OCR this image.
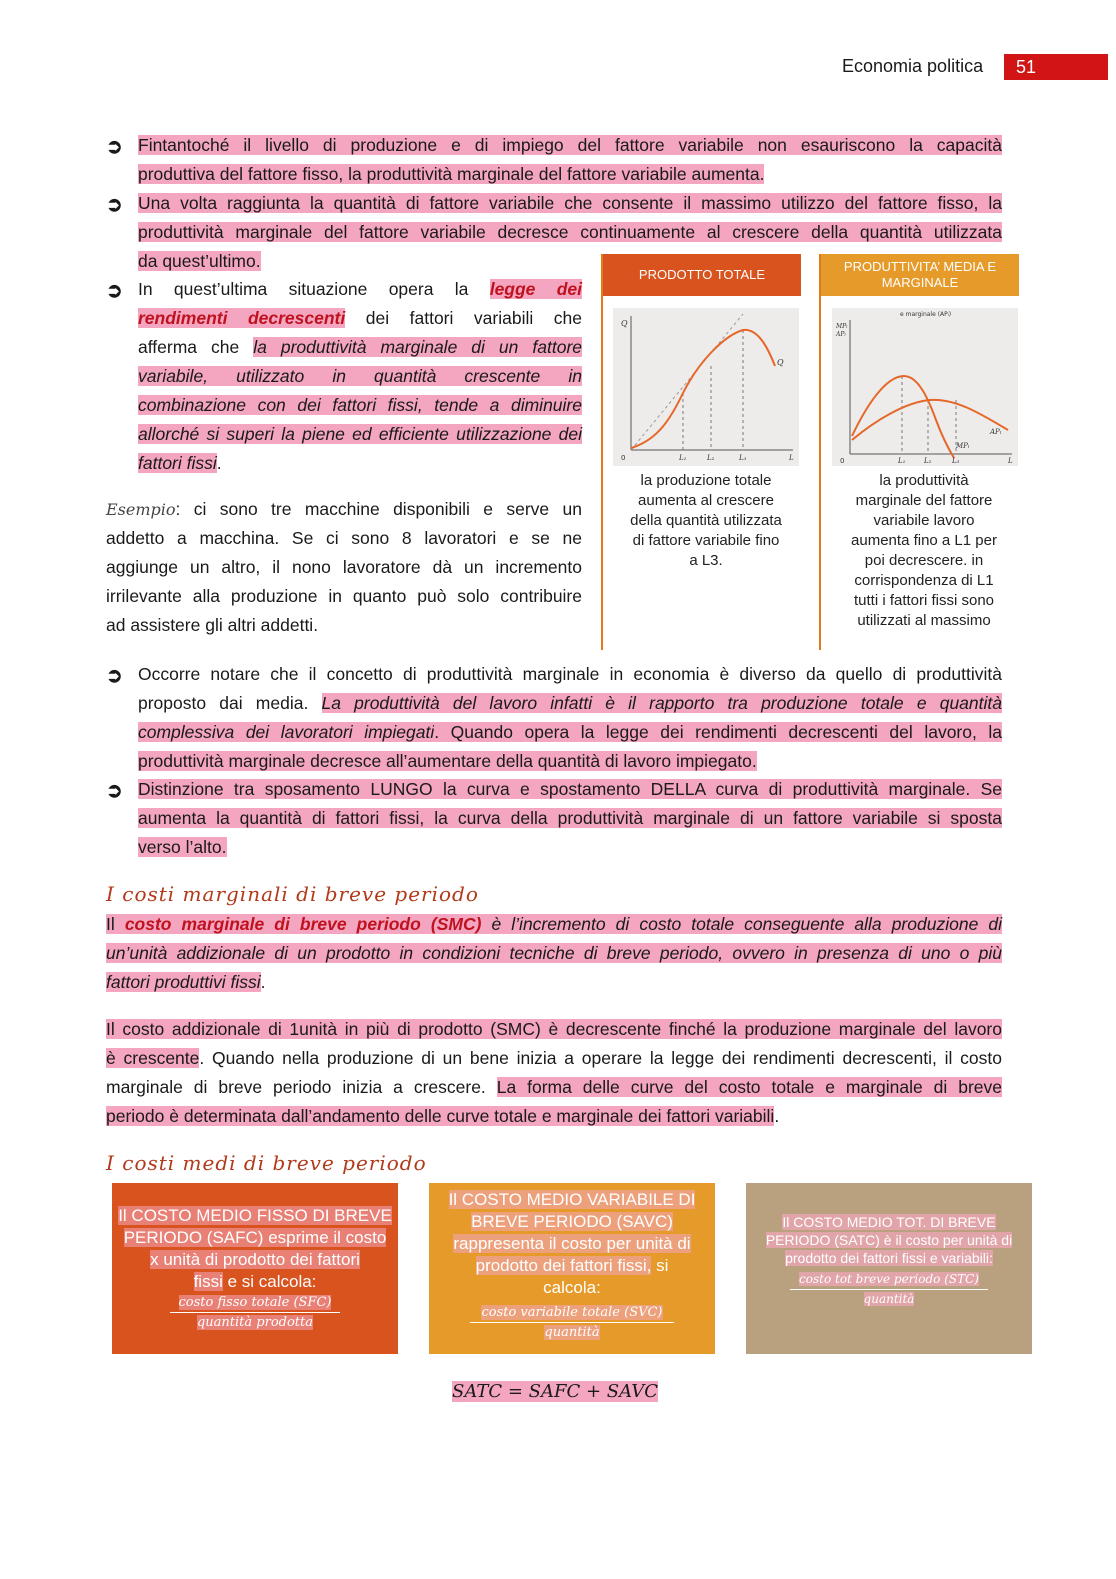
Economia politica	51
➲ Fintantoché il livello di produzione e di impiego del fattore variabile non esauriscono la capacità
produttiva del fattore fisso, la produttività marginale del fattore variabile aumenta.
➲ Una volta raggiunta la quantità di fattore variabile che consente il massimo utilizzo del fattore fisso, la
produttività marginale del fattore variabile decresce continuamente al crescere della quantità utilizzata
da quest’ultimo.
➲ In quest’ultima situazione opera la legge dei
rendimenti decrescenti dei fattori variabili che
afferma che la produttività marginale di un fattore
variabile, utilizzato in quantità crescente in
combinazione con dei fattori fissi, tende a diminuire
allorché si superi la piene ed efficiente utilizzazione dei
fattori fissi.
Esempio: ci sono tre macchine disponibili e serve un
addetto a macchina. Se ci sono 8 lavoratori e se ne
aggiunge un altro, il nono lavoratore dà un incremento
irrilevante alla produzione in quanto può solo contribuire
ad assistere gli altri addetti.
PRODOTTO TOTALE
Q
Q
0	L₁	L₂	L₃	L
la produzione totale
aumenta al crescere
della quantità utilizzata
di fattore variabile fino
a L3.
PRODUTTIVITA’ MEDIA E MARGINALE
e marginale (APₗ)
MPₗ
APₗ
MPₗ
APₗ
0	L₁	L₂	L₃	L
la produttività
marginale del fattore
variabile lavoro
aumenta fino a L1 per
poi decrescere. in
corrispondenza di L1
tutti i fattori fissi sono
utilizzati al massimo
➲ Occorre notare che il concetto di produttività marginale in economia è diverso da quello di produttività
proposto dai media. La produttività del lavoro infatti è il rapporto tra produzione totale e quantità
complessiva dei lavoratori impiegati. Quando opera la legge dei rendimenti decrescenti del lavoro, la
produttività marginale decresce all’aumentare della quantità di lavoro impiegato.
➲ Distinzione tra sposamento LUNGO la curva e spostamento DELLA curva di produttività marginale. Se
aumenta la quantità di fattori fissi, la curva della produttività marginale di un fattore variabile si sposta
verso l’alto.
I costi marginali di breve periodo
Il costo marginale di breve periodo (SMC) è l’incremento di costo totale conseguente alla produzione di
un’unità addizionale di un prodotto in condizioni tecniche di breve periodo, ovvero in presenza di uno o più
fattori produttivi fissi.
Il costo addizionale di 1unità in più di prodotto (SMC) è decrescente finché la produzione marginale del lavoro
è crescente. Quando nella produzione di un bene inizia a operare la legge dei rendimenti decrescenti, il costo
marginale di breve periodo inizia a crescere. La forma delle curve del costo totale e marginale di breve
periodo è determinata dall’andamento delle curve totale e marginale dei fattori variabili.
I costi medi di breve periodo
Il COSTO MEDIO FISSO DI BREVE
PERIODO (SAFC) esprime il costo
x unità di prodotto dei fattori
fissi e si calcola:
costo fisso totale (SFC)
quantità prodotta
Il COSTO MEDIO VARIABILE DI
BREVE PERIODO (SAVC)
rappresenta il costo per unità di
prodotto dei fattori fissi, si
calcola:
costo variabile totale (SVC)
quantità
Il COSTO MEDIO TOT. DI BREVE
PERIODO (SATC) è il costo per unità di
prodotto dei fattori fissi e variabili:
costo tot breve periodo (STC)
quantità
SATC = SAFC + SAVC
